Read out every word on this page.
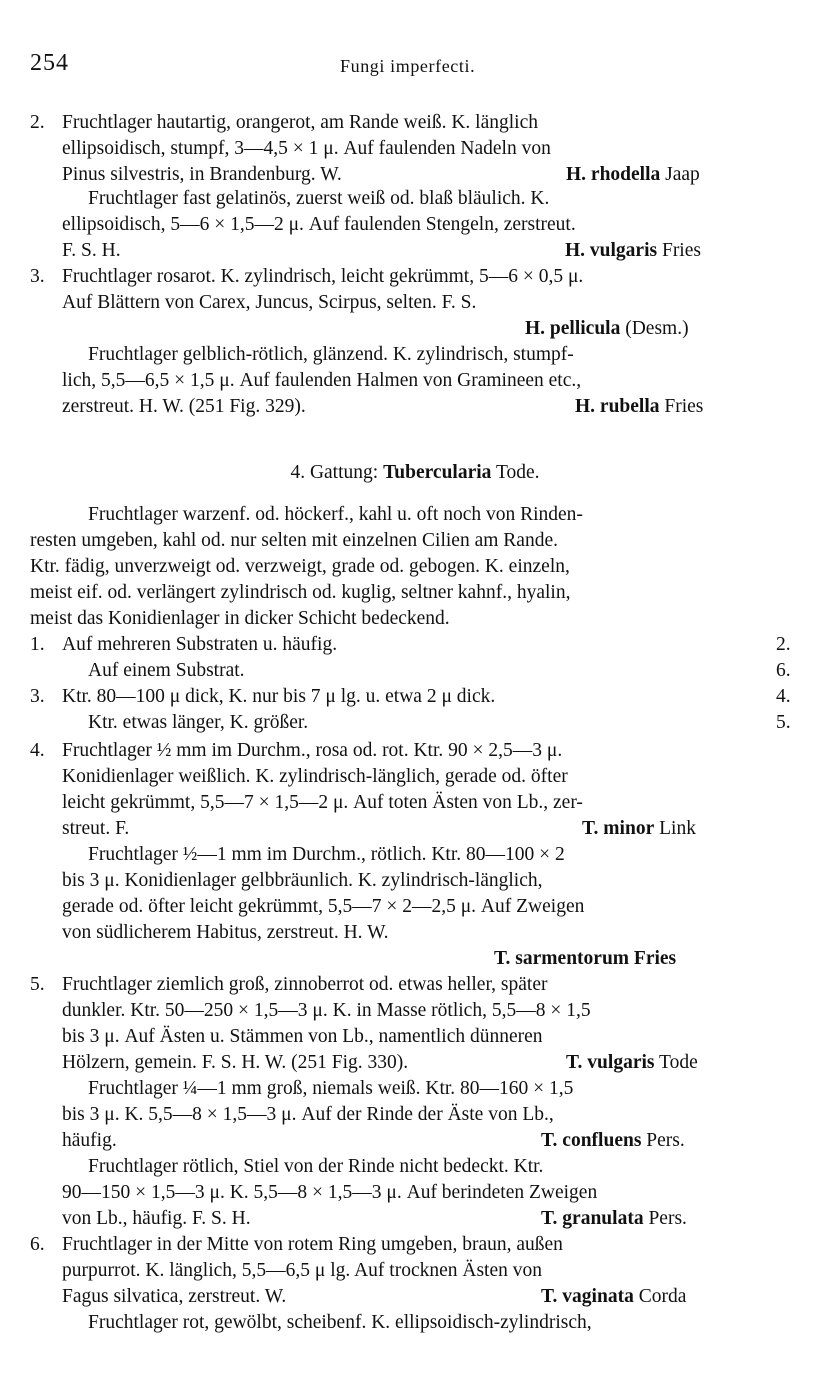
254	Fungi imperfecti.
2. Fruchtlager hautartig, orangerot, am Rande weiß. K. länglich
ellipsoidisch, stumpf, 3—4,5 × 1 μ. Auf faulenden Nadeln von
Pinus silvestris, in Brandenburg. W.	H. rhodella Jaap
Fruchtlager fast gelatinös, zuerst weiß od. blaß bläulich. K.
ellipsoidisch, 5—6 × 1,5—2 μ. Auf faulenden Stengeln, zerstreut.
F. S. H.	H. vulgaris Fries
3. Fruchtlager rosarot. K. zylindrisch, leicht gekrümmt, 5—6 × 0,5 μ.
Auf Blättern von Carex, Juncus, Scirpus, selten. F. S.
H. pellicula (Desm.)
Fruchtlager gelblich-rötlich, glänzend. K. zylindrisch, stumpf-
lich, 5,5—6,5 × 1,5 μ. Auf faulenden Halmen von Gramineen etc.,
zerstreut. H. W. (251 Fig. 329).	H. rubella Fries
4. Gattung: Tubercularia Tode.
Fruchtlager warzenf. od. höckerf., kahl u. oft noch von Rinden-
resten umgeben, kahl od. nur selten mit einzelnen Cilien am Rande.
Ktr. fädig, unverzweigt od. verzweigt, grade od. gebogen. K. einzeln,
meist eif. od. verlängert zylindrisch od. kuglig, seltner kahnf., hyalin,
meist das Konidienlager in dicker Schicht bedeckend.
1. Auf mehreren Substraten u. häufig.	2.
Auf einem Substrat.	6.
3. Ktr. 80—100 μ dick, K. nur bis 7 μ lg. u. etwa 2 μ dick.	4.
Ktr. etwas länger, K. größer.	5.
4. Fruchtlager ½ mm im Durchm., rosa od. rot. Ktr. 90 × 2,5—3 μ.
Konidienlager weißlich. K. zylindrisch-länglich, gerade od. öfter
leicht gekrümmt, 5,5—7 × 1,5—2 μ. Auf toten Ästen von Lb., zer-
streut. F.	T. minor Link
Fruchtlager ½—1 mm im Durchm., rötlich. Ktr. 80—100 × 2
bis 3 μ. Konidienlager gelbbräunlich. K. zylindrisch-länglich,
gerade od. öfter leicht gekrümmt, 5,5—7 × 2—2,5 μ. Auf Zweigen
von südlicherem Habitus, zerstreut. H. W.
T. sarmentorum Fries
5. Fruchtlager ziemlich groß, zinnoberrot od. etwas heller, später
dunkler. Ktr. 50—250 × 1,5—3 μ. K. in Masse rötlich, 5,5—8 × 1,5
bis 3 μ. Auf Ästen u. Stämmen von Lb., namentlich dünneren
Hölzern, gemein. F. S. H. W. (251 Fig. 330).	T. vulgaris Tode
Fruchtlager ¼—1 mm groß, niemals weiß. Ktr. 80—160 × 1,5
bis 3 μ. K. 5,5—8 × 1,5—3 μ. Auf der Rinde der Äste von Lb.,
häufig.	T. confluens Pers.
Fruchtlager rötlich, Stiel von der Rinde nicht bedeckt. Ktr.
90—150 × 1,5—3 μ. K. 5,5—8 × 1,5—3 μ. Auf berindeten Zweigen
von Lb., häufig. F. S. H.	T. granulata Pers.
6. Fruchtlager in der Mitte von rotem Ring umgeben, braun, außen
purpurrot. K. länglich, 5,5—6,5 μ lg. Auf trocknen Ästen von
Fagus silvatica, zerstreut. W.	T. vaginata Corda
Fruchtlager rot, gewölbt, scheibenf. K. ellipsoidisch-zylindrisch,
